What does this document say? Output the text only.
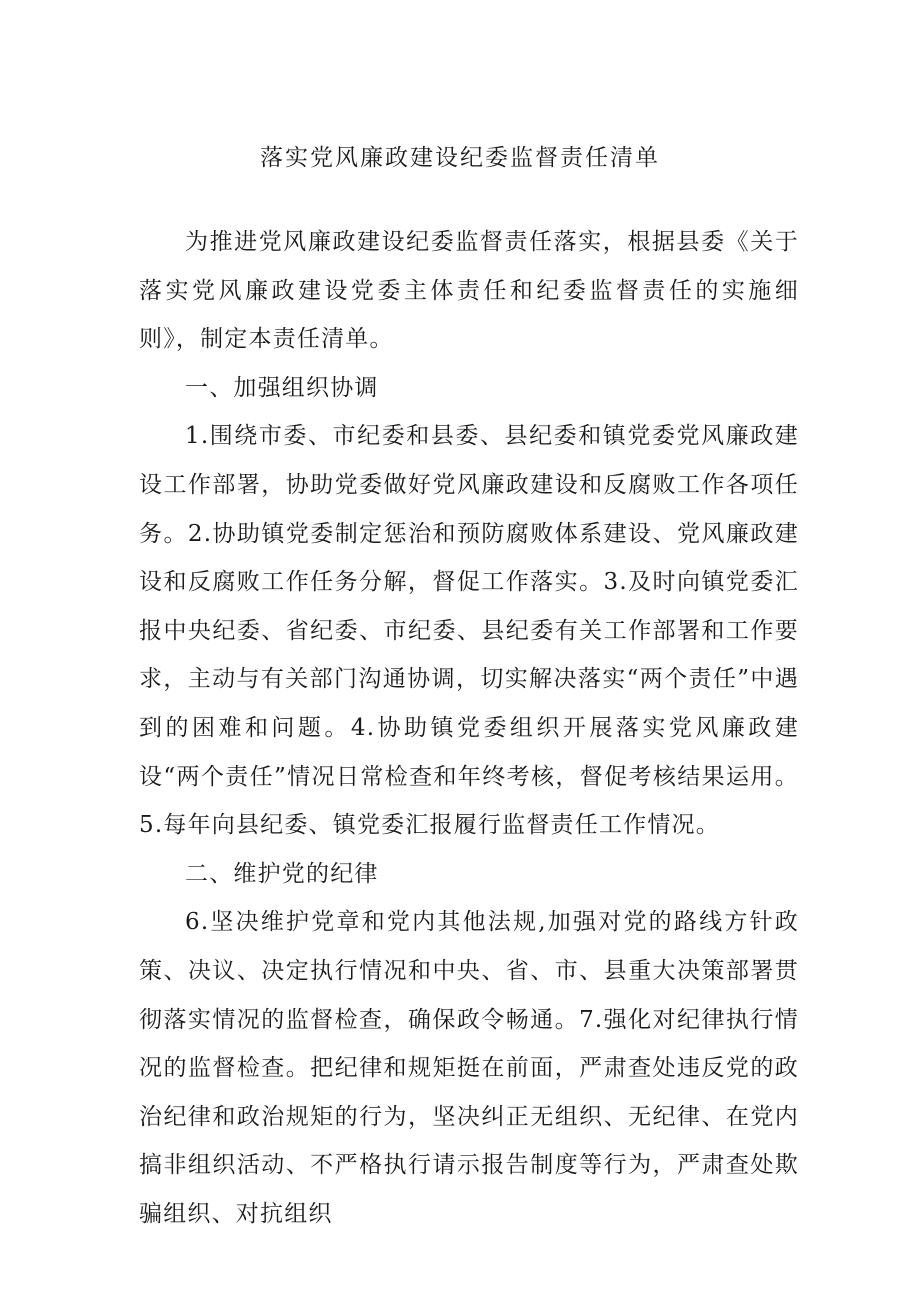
落实党风廉政建设纪委监督责任清单

为推进党风廉政建设纪委监督责任落实，根据县委《关于落实党风廉政建设党委主体责任和纪委监督责任的实施细则》，制定本责任清单。

一、加强组织协调

1.围绕市委、市纪委和县委、县纪委和镇党委党风廉政建设工作部署，协助党委做好党风廉政建设和反腐败工作各项任务。2.协助镇党委制定惩治和预防腐败体系建设、党风廉政建设和反腐败工作任务分解，督促工作落实。3.及时向镇党委汇报中央纪委、省纪委、市纪委、县纪委有关工作部署和工作要求，主动与有关部门沟通协调，切实解决落实“两个责任”中遇到的困难和问题。4.协助镇党委组织开展落实党风廉政建设“两个责任”情况日常检查和年终考核，督促考核结果运用。5.每年向县纪委、镇党委汇报履行监督责任工作情况。

二、维护党的纪律

6.坚决维护党章和党内其他法规,加强对党的路线方针政策、决议、决定执行情况和中央、省、市、县重大决策部署贯彻落实情况的监督检查，确保政令畅通。7.强化对纪律执行情况的监督检查。把纪律和规矩挺在前面，严肃查处违反党的政治纪律和政治规矩的行为，坚决纠正无组织、无纪律、在党内搞非组织活动、不严格执行请示报告制度等行为，严肃查处欺骗组织、对抗组织
